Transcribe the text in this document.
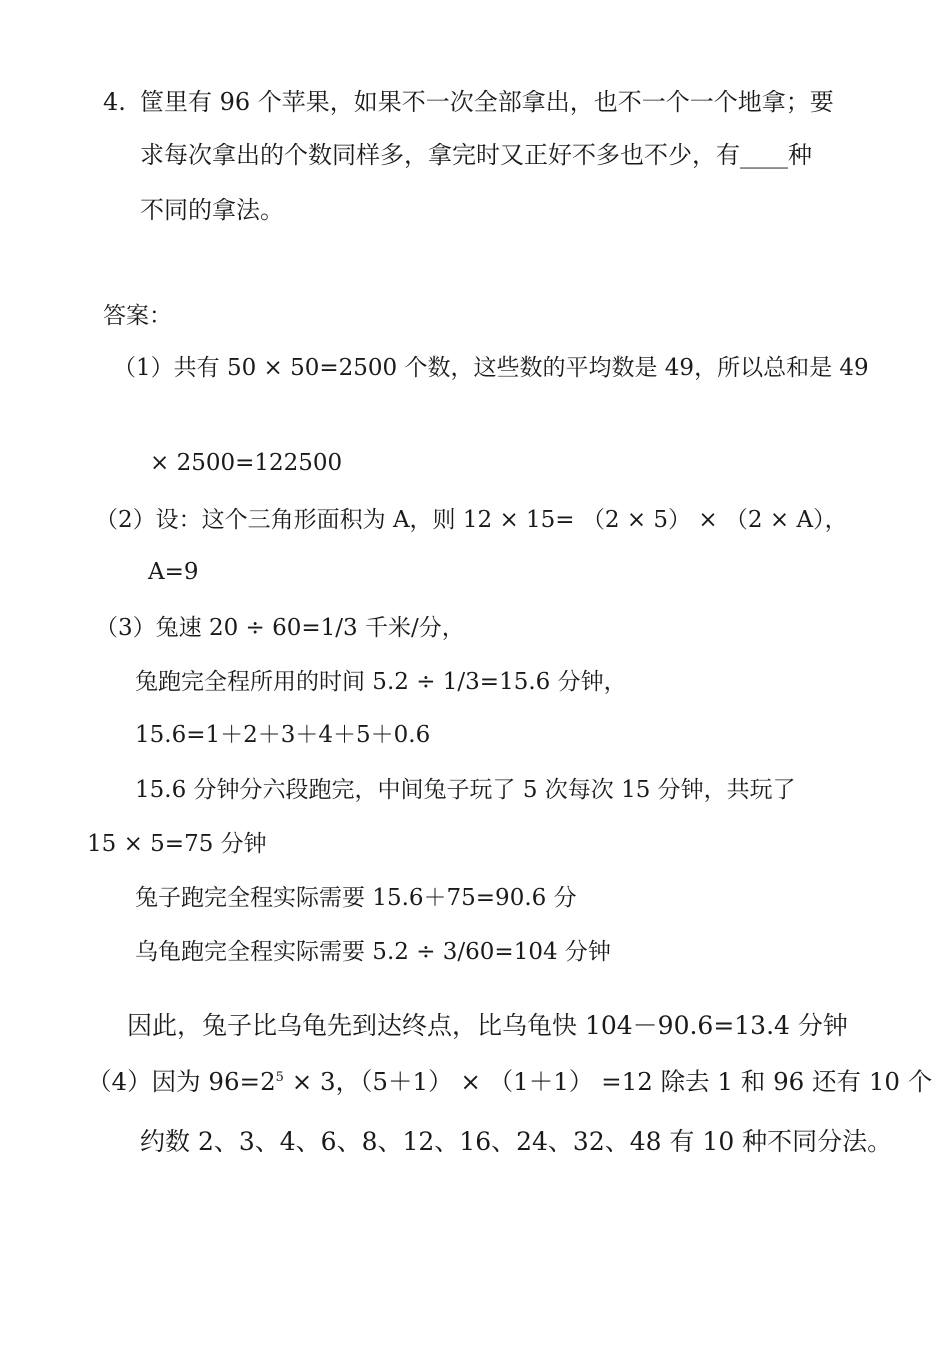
4. 筐里有 96 个苹果，如果不一次全部拿出，也不一个一个地拿；要
求每次拿出的个数同样多，拿完时又正好不多也不少，有____种
不同的拿法。
答案：
（1）共有 50 × 50=2500 个数，这些数的平均数是 49，所以总和是 49
× 2500=122500
（2）设：这个三角形面积为 A，则 12 × 15= （2 × 5） × （2 × A），
A=9
（3）兔速 20 ÷ 60=1/3 千米/分，
兔跑完全程所用的时间 5.2 ÷ 1/3=15.6 分钟，
15.6=1＋2＋3＋4＋5＋0.6
15.6 分钟分六段跑完，中间兔子玩了 5 次每次 15 分钟，共玩了
15 × 5=75 分钟
兔子跑完全程实际需要 15.6＋75=90.6 分
乌龟跑完全程实际需要 5.2 ÷ 3/60=104 分钟
因此，兔子比乌龟先到达终点，比乌龟快 104－90.6=13.4 分钟
（4）因为 $96=2^5 \times 3$，（5＋1） × （1＋1） =12 除去 1 和 96 还有 10 个
约数 2、3、4、6、8、12、16、24、32、48 有 10 种不同分法。
